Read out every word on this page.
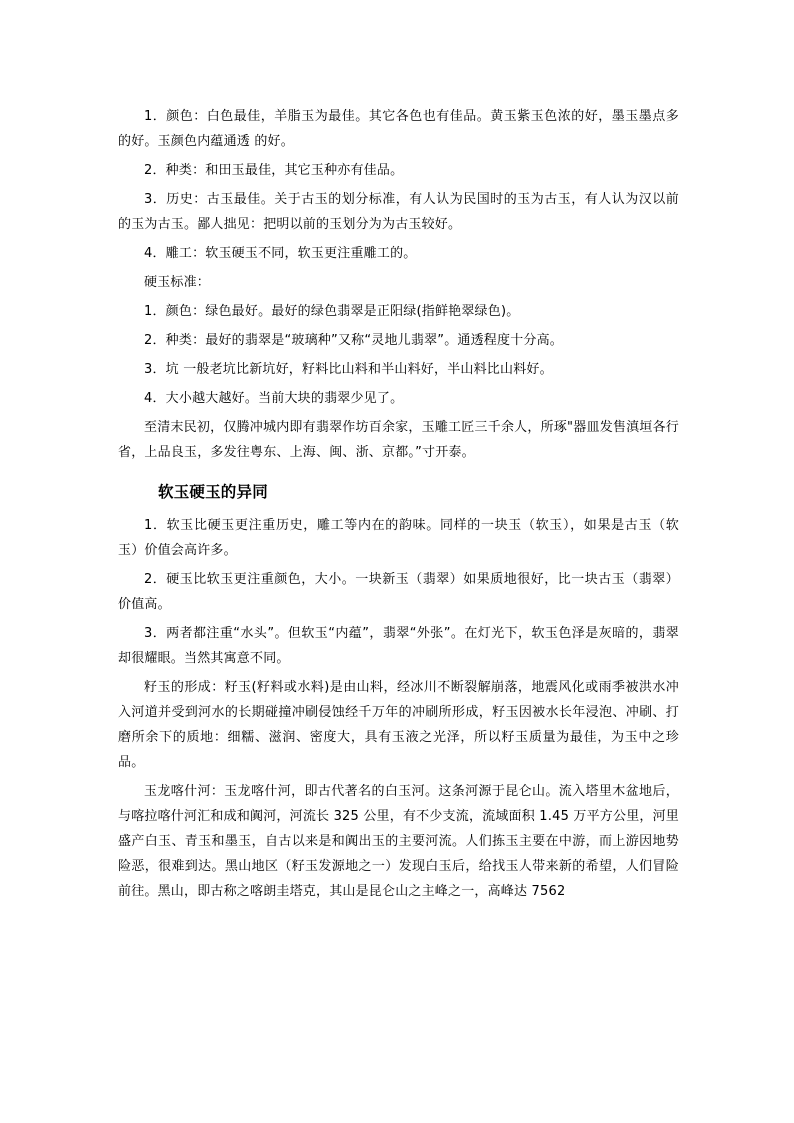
1．颜色：白色最佳，羊脂玉为最佳。其它各色也有佳品。黄玉紫玉色浓的好，墨玉墨点多的好。玉颜色内蕴通透 的好。

2．种类：和田玉最佳，其它玉种亦有佳品。

3．历史：古玉最佳。关于古玉的划分标准，有人认为民国时的玉为古玉，有人认为汉以前的玉为古玉。鄙人拙见：把明以前的玉划分为为古玉较好。

4．雕工：软玉硬玉不同，软玉更注重雕工的。

硬玉标准：

1．颜色：绿色最好。最好的绿色翡翠是正阳绿(指鲜艳翠绿色)。

2．种类：最好的翡翠是“玻璃种”又称“灵地儿翡翠”。通透程度十分高。

3．坑 一般老坑比新坑好，籽料比山料和半山料好，半山料比山料好。

4．大小越大越好。当前大块的翡翠少见了。

至清末民初，仅腾冲城内即有翡翠作坊百余家，玉雕工匠三千余人，所琢"器皿发售滇垣各行省，上品良玉，多发往粤东、上海、闽、浙、京都。”寸开泰。

软玉硬玉的异同

1．软玉比硬玉更注重历史，雕工等内在的韵味。同样的一块玉（软玉），如果是古玉（软玉）价值会高许多。

2．硬玉比软玉更注重颜色，大小。一块新玉（翡翠）如果质地很好，比一块古玉（翡翠）价值高。

3．两者都注重“水头”。但软玉“内蕴”，翡翠“外张”。在灯光下，软玉色泽是灰暗的，翡翠却很耀眼。当然其寓意不同。

籽玉的形成：籽玉(籽料或水料)是由山料，经冰川不断裂解崩落，地震风化或雨季被洪水冲入河道并受到河水的长期碰撞冲刷侵蚀经千万年的冲刷所形成，籽玉因被水长年浸泡、冲刷、打磨所余下的质地：细糯、滋润、密度大，具有玉液之光泽，所以籽玉质量为最佳，为玉中之珍品。

玉龙喀什河：玉龙喀什河，即古代著名的白玉河。这条河源于昆仑山。流入塔里木盆地后，与喀拉喀什河汇和成和阗河，河流长 325 公里，有不少支流，流域面积 1.45 万平方公里，河里盛产白玉、青玉和墨玉，自古以来是和阗出玉的主要河流。人们拣玉主要在中游，而上游因地势险恶，很难到达。黑山地区（籽玉发源地之一）发现白玉后，给找玉人带来新的希望，人们冒险前往。黑山，即古称之喀朗圭塔克，其山是昆仑山之主峰之一，高峰达 7562
